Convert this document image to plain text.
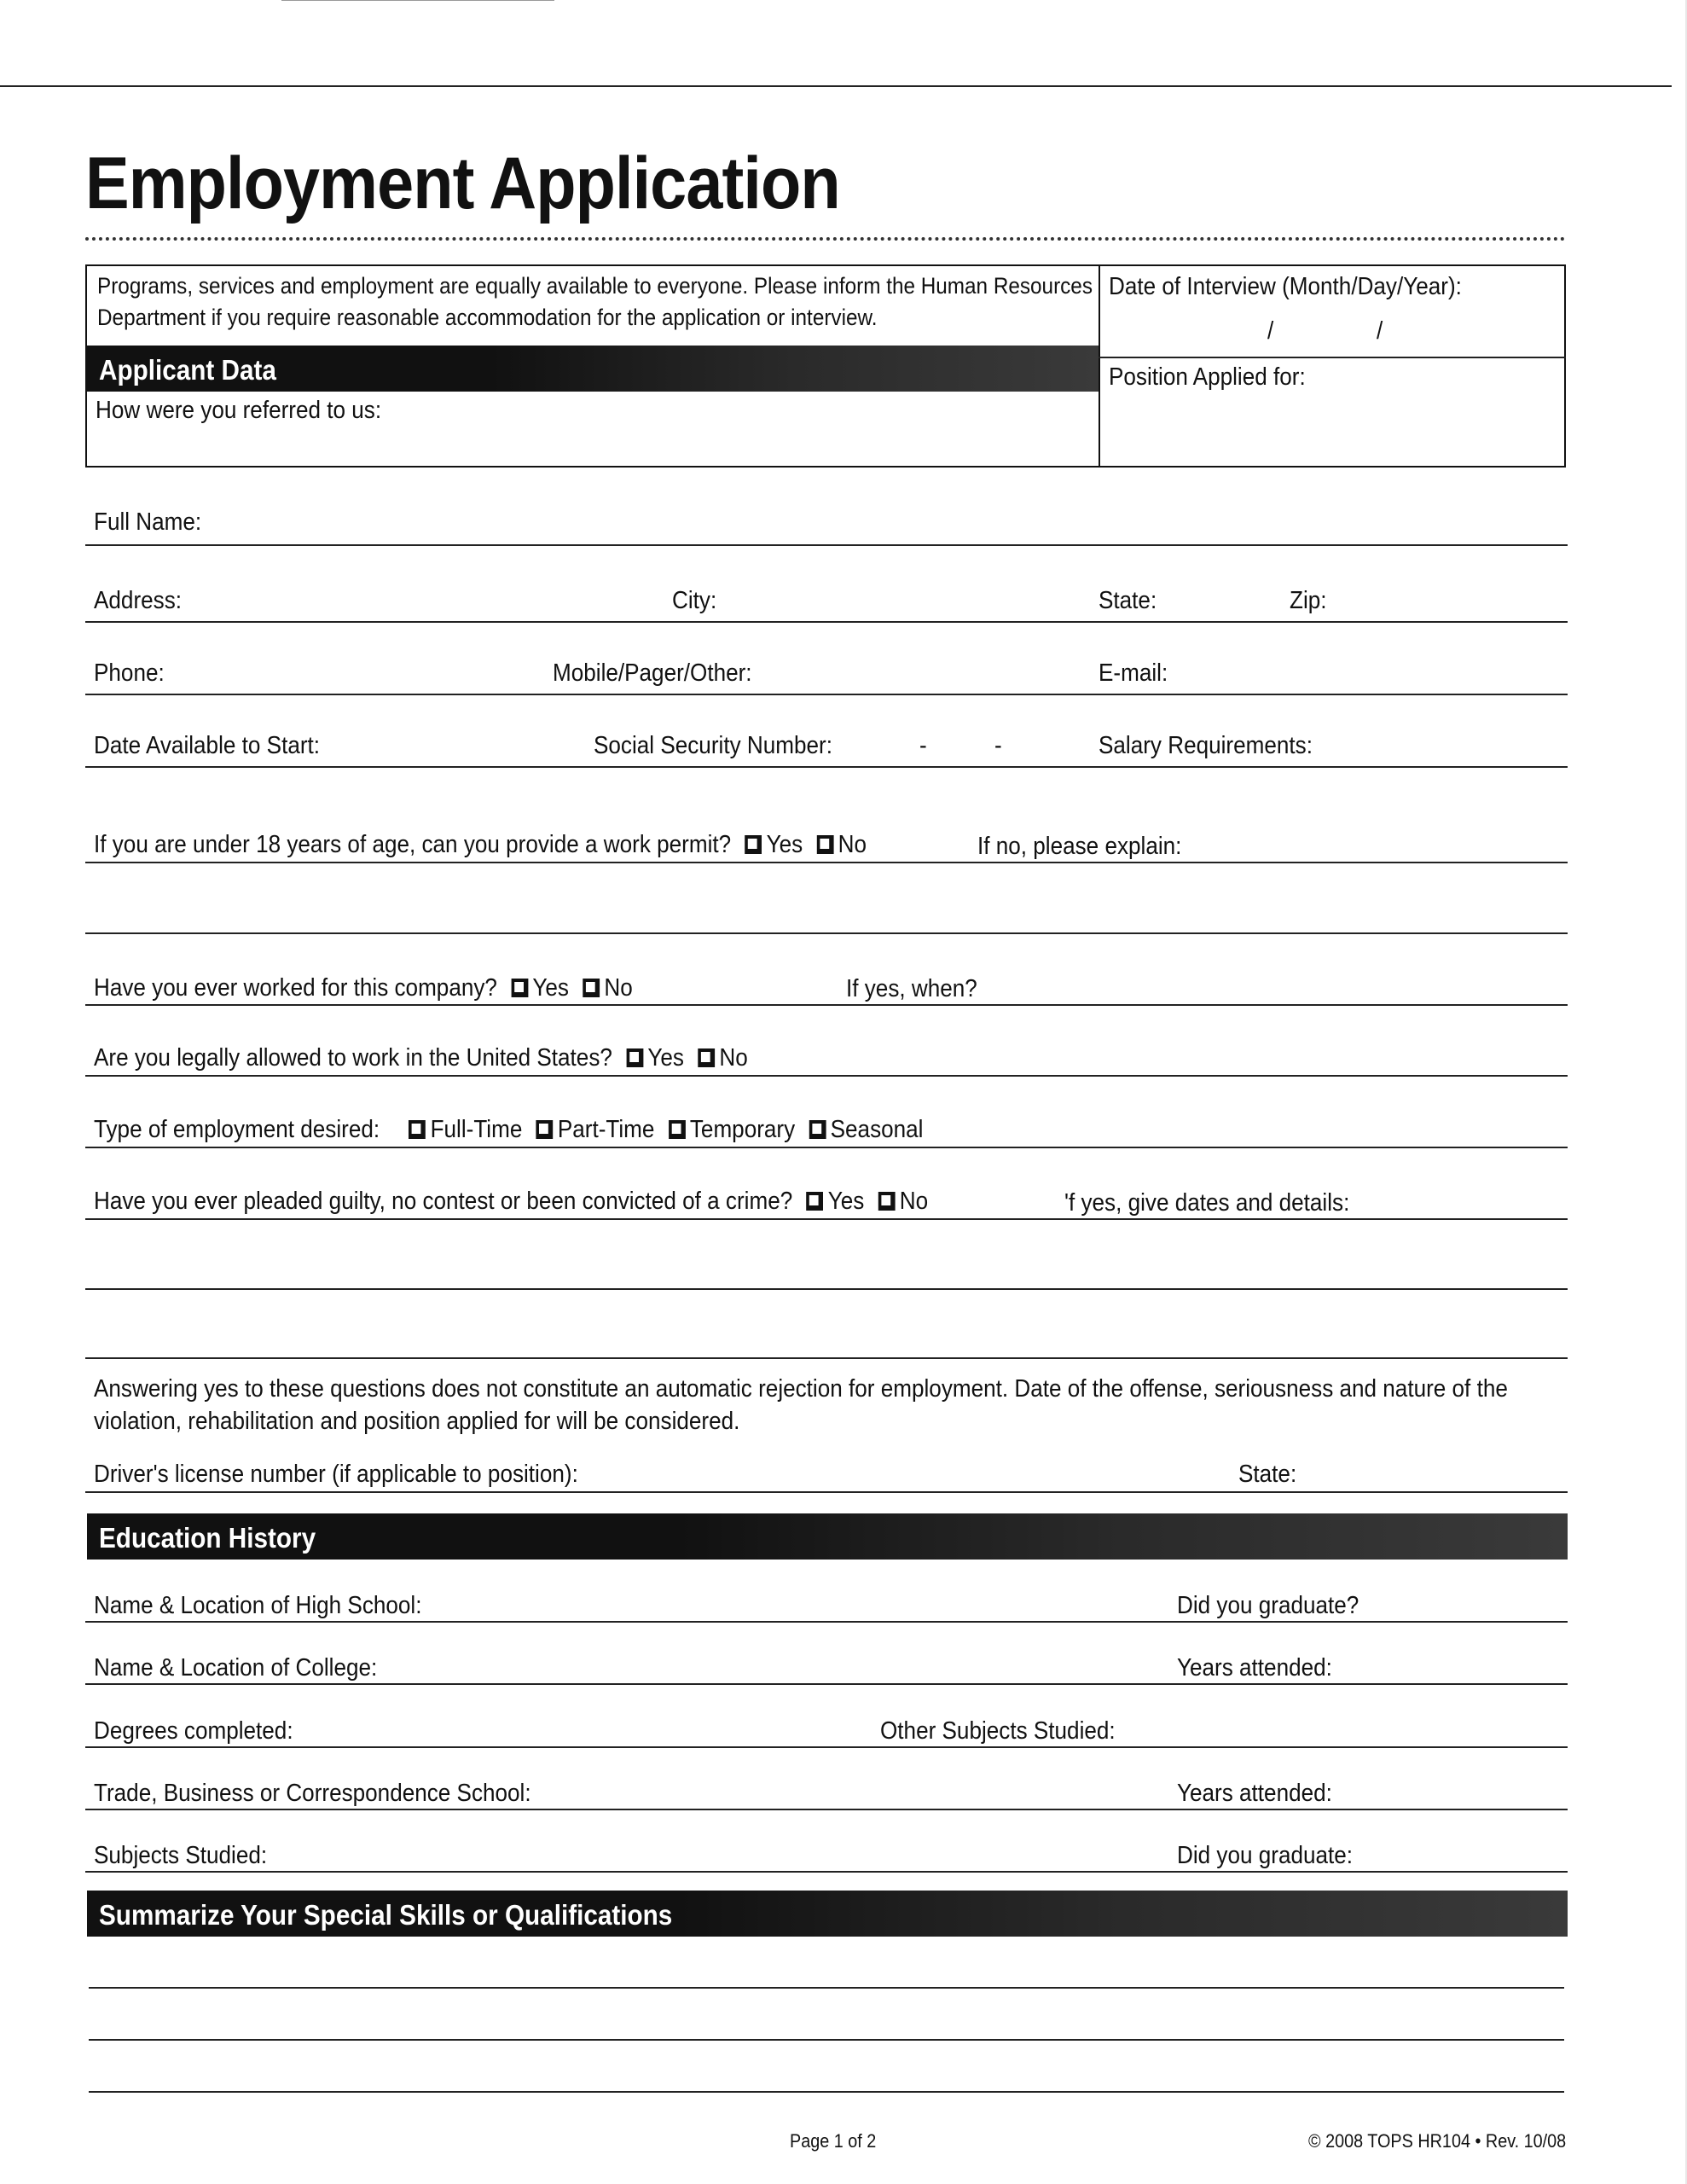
Employment Application
Programs, services and employment are equally available to everyone. Please inform the Human Resources
Department if you require reasonable accommodation for the application or interview.
Applicant Data
How were you referred to us:
Date of Interview (Month/Day/Year):
/	/
Position Applied for:
Full Name:
Address:	City:	State:	Zip:
Phone:	Mobile/Pager/Other:	E-mail:
Date Available to Start:	Social Security Number:	-	-	Salary Requirements:
If you are under 18 years of age, can you provide a work permit? Yes No	If no, please explain:
Have you ever worked for this company? Yes No	If yes, when?
Are you legally allowed to work in the United States? Yes No
Type of employment desired: Full-Time Part-Time Temporary Seasonal
Have you ever pleaded guilty, no contest or been convicted of a crime? Yes No	'f yes, give dates and details:
Answering yes to these questions does not constitute an automatic rejection for employment. Date of the offense, seriousness and nature of the
violation, rehabilitation and position applied for will be considered.
Driver's license number (if applicable to position):	State:
Education History
Name & Location of High School:	Did you graduate?
Name & Location of College:	Years attended:
Degrees completed:	Other Subjects Studied:
Trade, Business or Correspondence School:	Years attended:
Subjects Studied:	Did you graduate:
Summarize Your Special Skills or Qualifications
Page 1 of 2	© 2008 TOPS HR104 • Rev. 10/08
